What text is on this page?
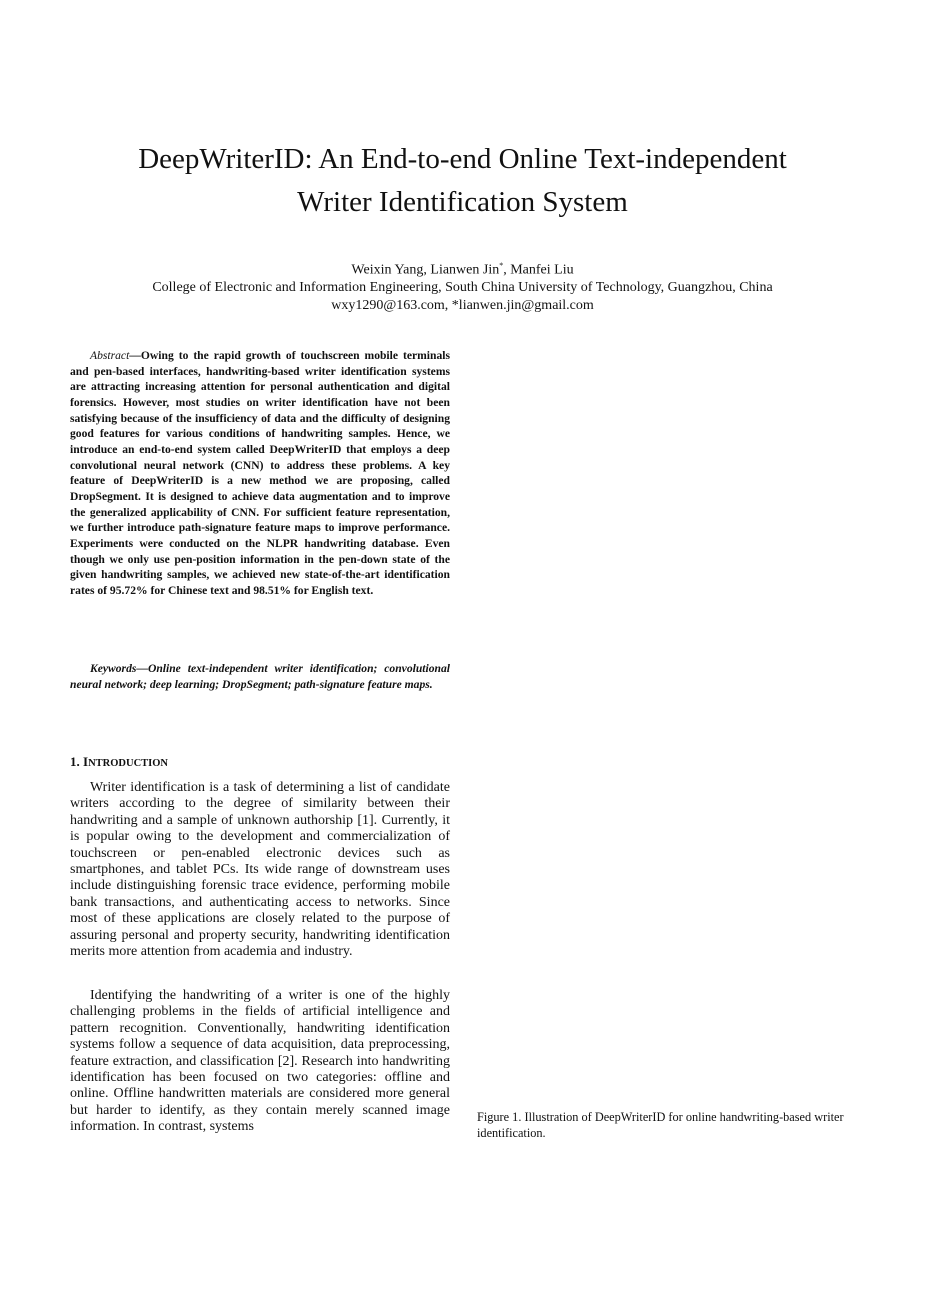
DeepWriterID: An End-to-end Online Text-independent
Writer Identification System
Weixin Yang, Lianwen Jin*, Manfei Liu
College of Electronic and Information Engineering, South China University of Technology, Guangzhou, China
wxy1290@163.com, *lianwen.jin@gmail.com

Abstract—Owing to the rapid growth of touchscreen mobile terminals and pen-based interfaces, handwriting-based writer identification systems are attracting increasing attention for personal authentication and digital forensics. However, most studies on writer identification have not been satisfying because of the insufficiency of data and the difficulty of designing good features for various conditions of handwriting samples. Hence, we introduce an end-to-end system called DeepWriterID that employs a deep convolutional neural network (CNN) to address these problems. A key feature of DeepWriterID is a new method we are proposing, called DropSegment. It is designed to achieve data augmentation and to improve the generalized applicability of CNN. For sufficient feature representation, we further introduce path-signature feature maps to improve performance. Experiments were conducted on the NLPR handwriting database. Even though we only use pen-position information in the pen-down state of the given handwriting samples, we achieved new state-of-the-art identification rates of 95.72% for Chinese text and 98.51% for English text.

Keywords—Online text-independent writer identification; convolutional neural network; deep learning; DropSegment; path-signature feature maps.

1. INTRODUCTION

Writer identification is a task of determining a list of candidate writers according to the degree of similarity between their handwriting and a sample of unknown authorship [1]. Currently, it is popular owing to the development and commercialization of touchscreen or pen-enabled electronic devices such as smartphones, and tablet PCs. Its wide range of downstream uses include distinguishing forensic trace evidence, performing mobile bank transactions, and authenticating access to networks. Since most of these applications are closely related to the purpose of assuring personal and property security, handwriting identification merits more attention from academia and industry.

Identifying the handwriting of a writer is one of the highly challenging problems in the fields of artificial intelligence and pattern recognition. Conventionally, handwriting identification systems follow a sequence of data acquisition, data preprocessing, feature extraction, and classification [2]. Research into handwriting identification has been focused on two categories: offline and online. Offline handwritten materials are considered more general but harder to identify, as they contain merely scanned image information. In contrast, systems

Figure 1. Illustration of DeepWriterID for online handwriting-based writer identification.
